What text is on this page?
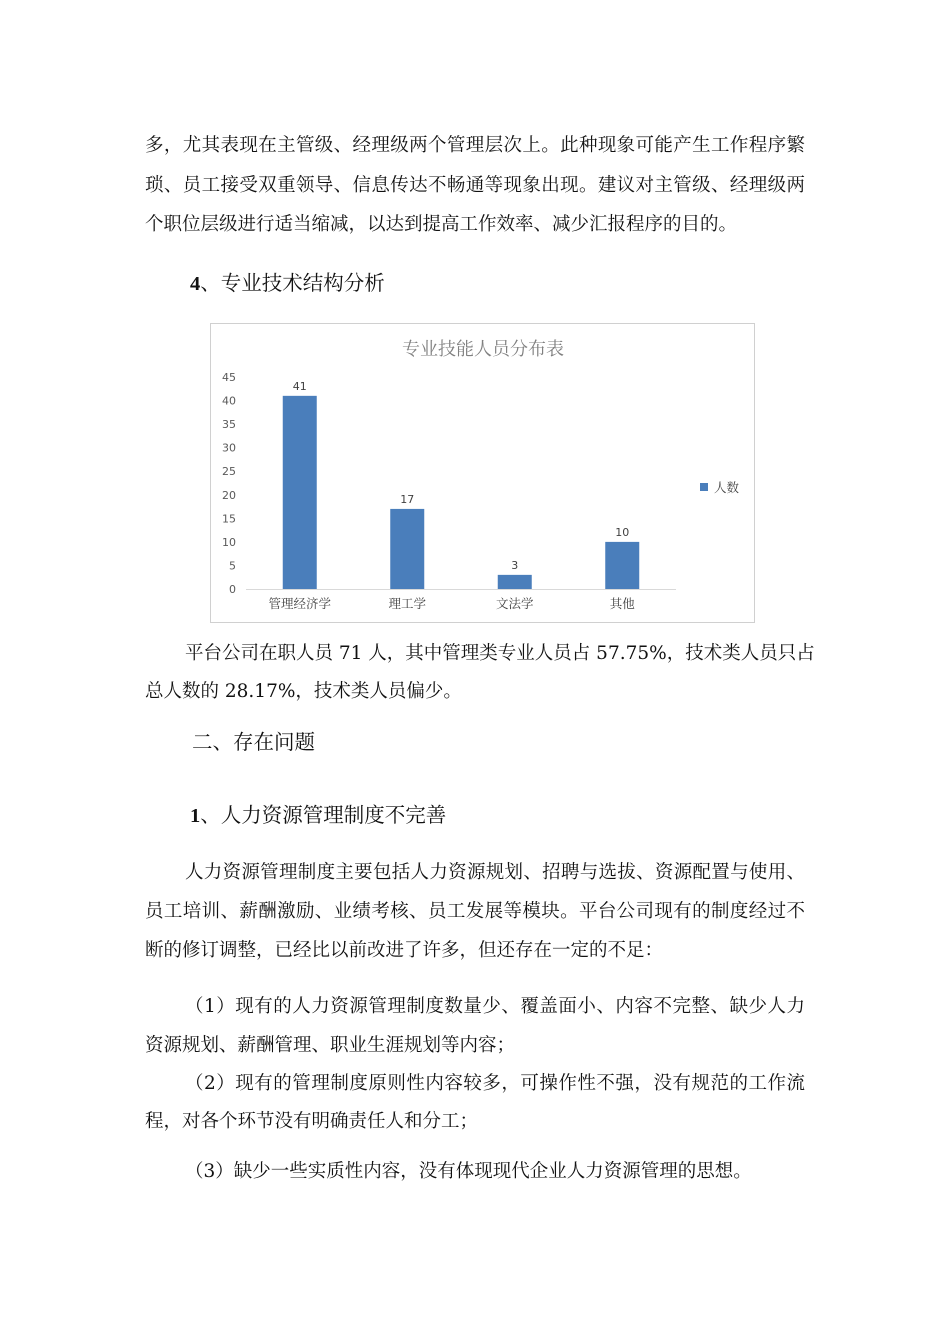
多，尤其表现在主管级、经理级两个管理层次上。此种现象可能产生工作程序繁
琐、员工接受双重领导、信息传达不畅通等现象出现。建议对主管级、经理级两
个职位层级进行适当缩减，以达到提高工作效率、减少汇报程序的目的。
4、专业技术结构分析
专业技能人员分布表
0
5
10
15
20
25
30
35
40
45
41
管理经济学
17
理工学
3
文法学
10
其他
人数
平台公司在职人员 71 人，其中管理类专业人员占 57.75%，技术类人员只占
总人数的 28.17%，技术类人员偏少。
二、存在问题
1、人力资源管理制度不完善
人力资源管理制度主要包括人力资源规划、招聘与选拔、资源配置与使用、
员工培训、薪酬激励、业绩考核、员工发展等模块。平台公司现有的制度经过不
断的修订调整，已经比以前改进了许多，但还存在一定的不足：
（1）现有的人力资源管理制度数量少、覆盖面小、内容不完整、缺少人力
资源规划、薪酬管理、职业生涯规划等内容；
（2）现有的管理制度原则性内容较多，可操作性不强，没有规范的工作流
程，对各个环节没有明确责任人和分工；
（3）缺少一些实质性内容，没有体现现代企业人力资源管理的思想。
